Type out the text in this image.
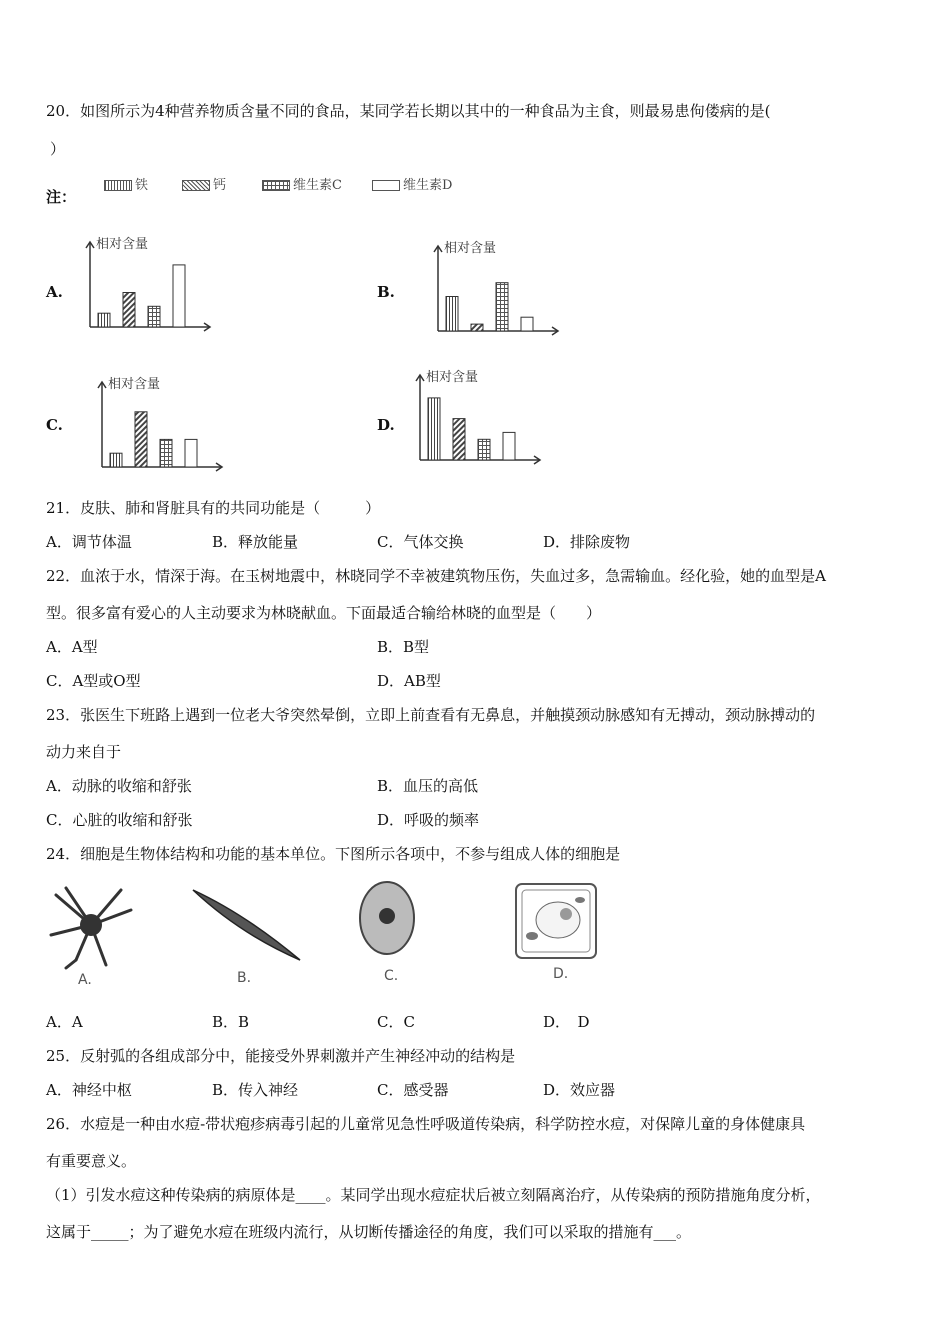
20．如图所示为4种营养物质含量不同的食品，某同学若长期以其中的一种食品为主食，则最易患佝偻病的是(
）
注：
铁	钙	维生素C	维生素D
A.	B.
C.	D.
相对含量	相对含量
相对含量	相对含量
21．皮肤、肺和肾脏具有的共同功能是（　　　）
A．调节体温	B．释放能量	C．气体交换	D．排除废物
22．血浓于水，情深于海。在玉树地震中，林晓同学不幸被建筑物压伤，失血过多，急需输血。经化验，她的血型是A
型。很多富有爱心的人主动要求为林晓献血。下面最适合输给林晓的血型是（　　）
A．A型	B．B型
C．A型或O型	D．AB型
23．张医生下班路上遇到一位老大爷突然晕倒，立即上前查看有无鼻息，并触摸颈动脉感知有无搏动，颈动脉搏动的
动力来自于
A．动脉的收缩和舒张	B．血压的高低
C．心脏的收缩和舒张	D．呼吸的频率
24．细胞是生物体结构和功能的基本单位。下图所示各项中，不参与组成人体的细胞是
A.	B.	C.	D.
A．A	B．B	C．C	D．　D
25．反射弧的各组成部分中，能接受外界刺激并产生神经冲动的结构是
A．神经中枢	B．传入神经	C．感受器	D．效应器
26．水痘是一种由水痘-带状疱疹病毒引起的儿童常见急性呼吸道传染病，科学防控水痘，对保障儿童的身体健康具
有重要意义。
（1）引发水痘这种传染病的病原体是____。某同学出现水痘症状后被立刻隔离治疗，从传染病的预防措施角度分析，
这属于_____；为了避免水痘在班级内流行，从切断传播途径的角度，我们可以采取的措施有___。
